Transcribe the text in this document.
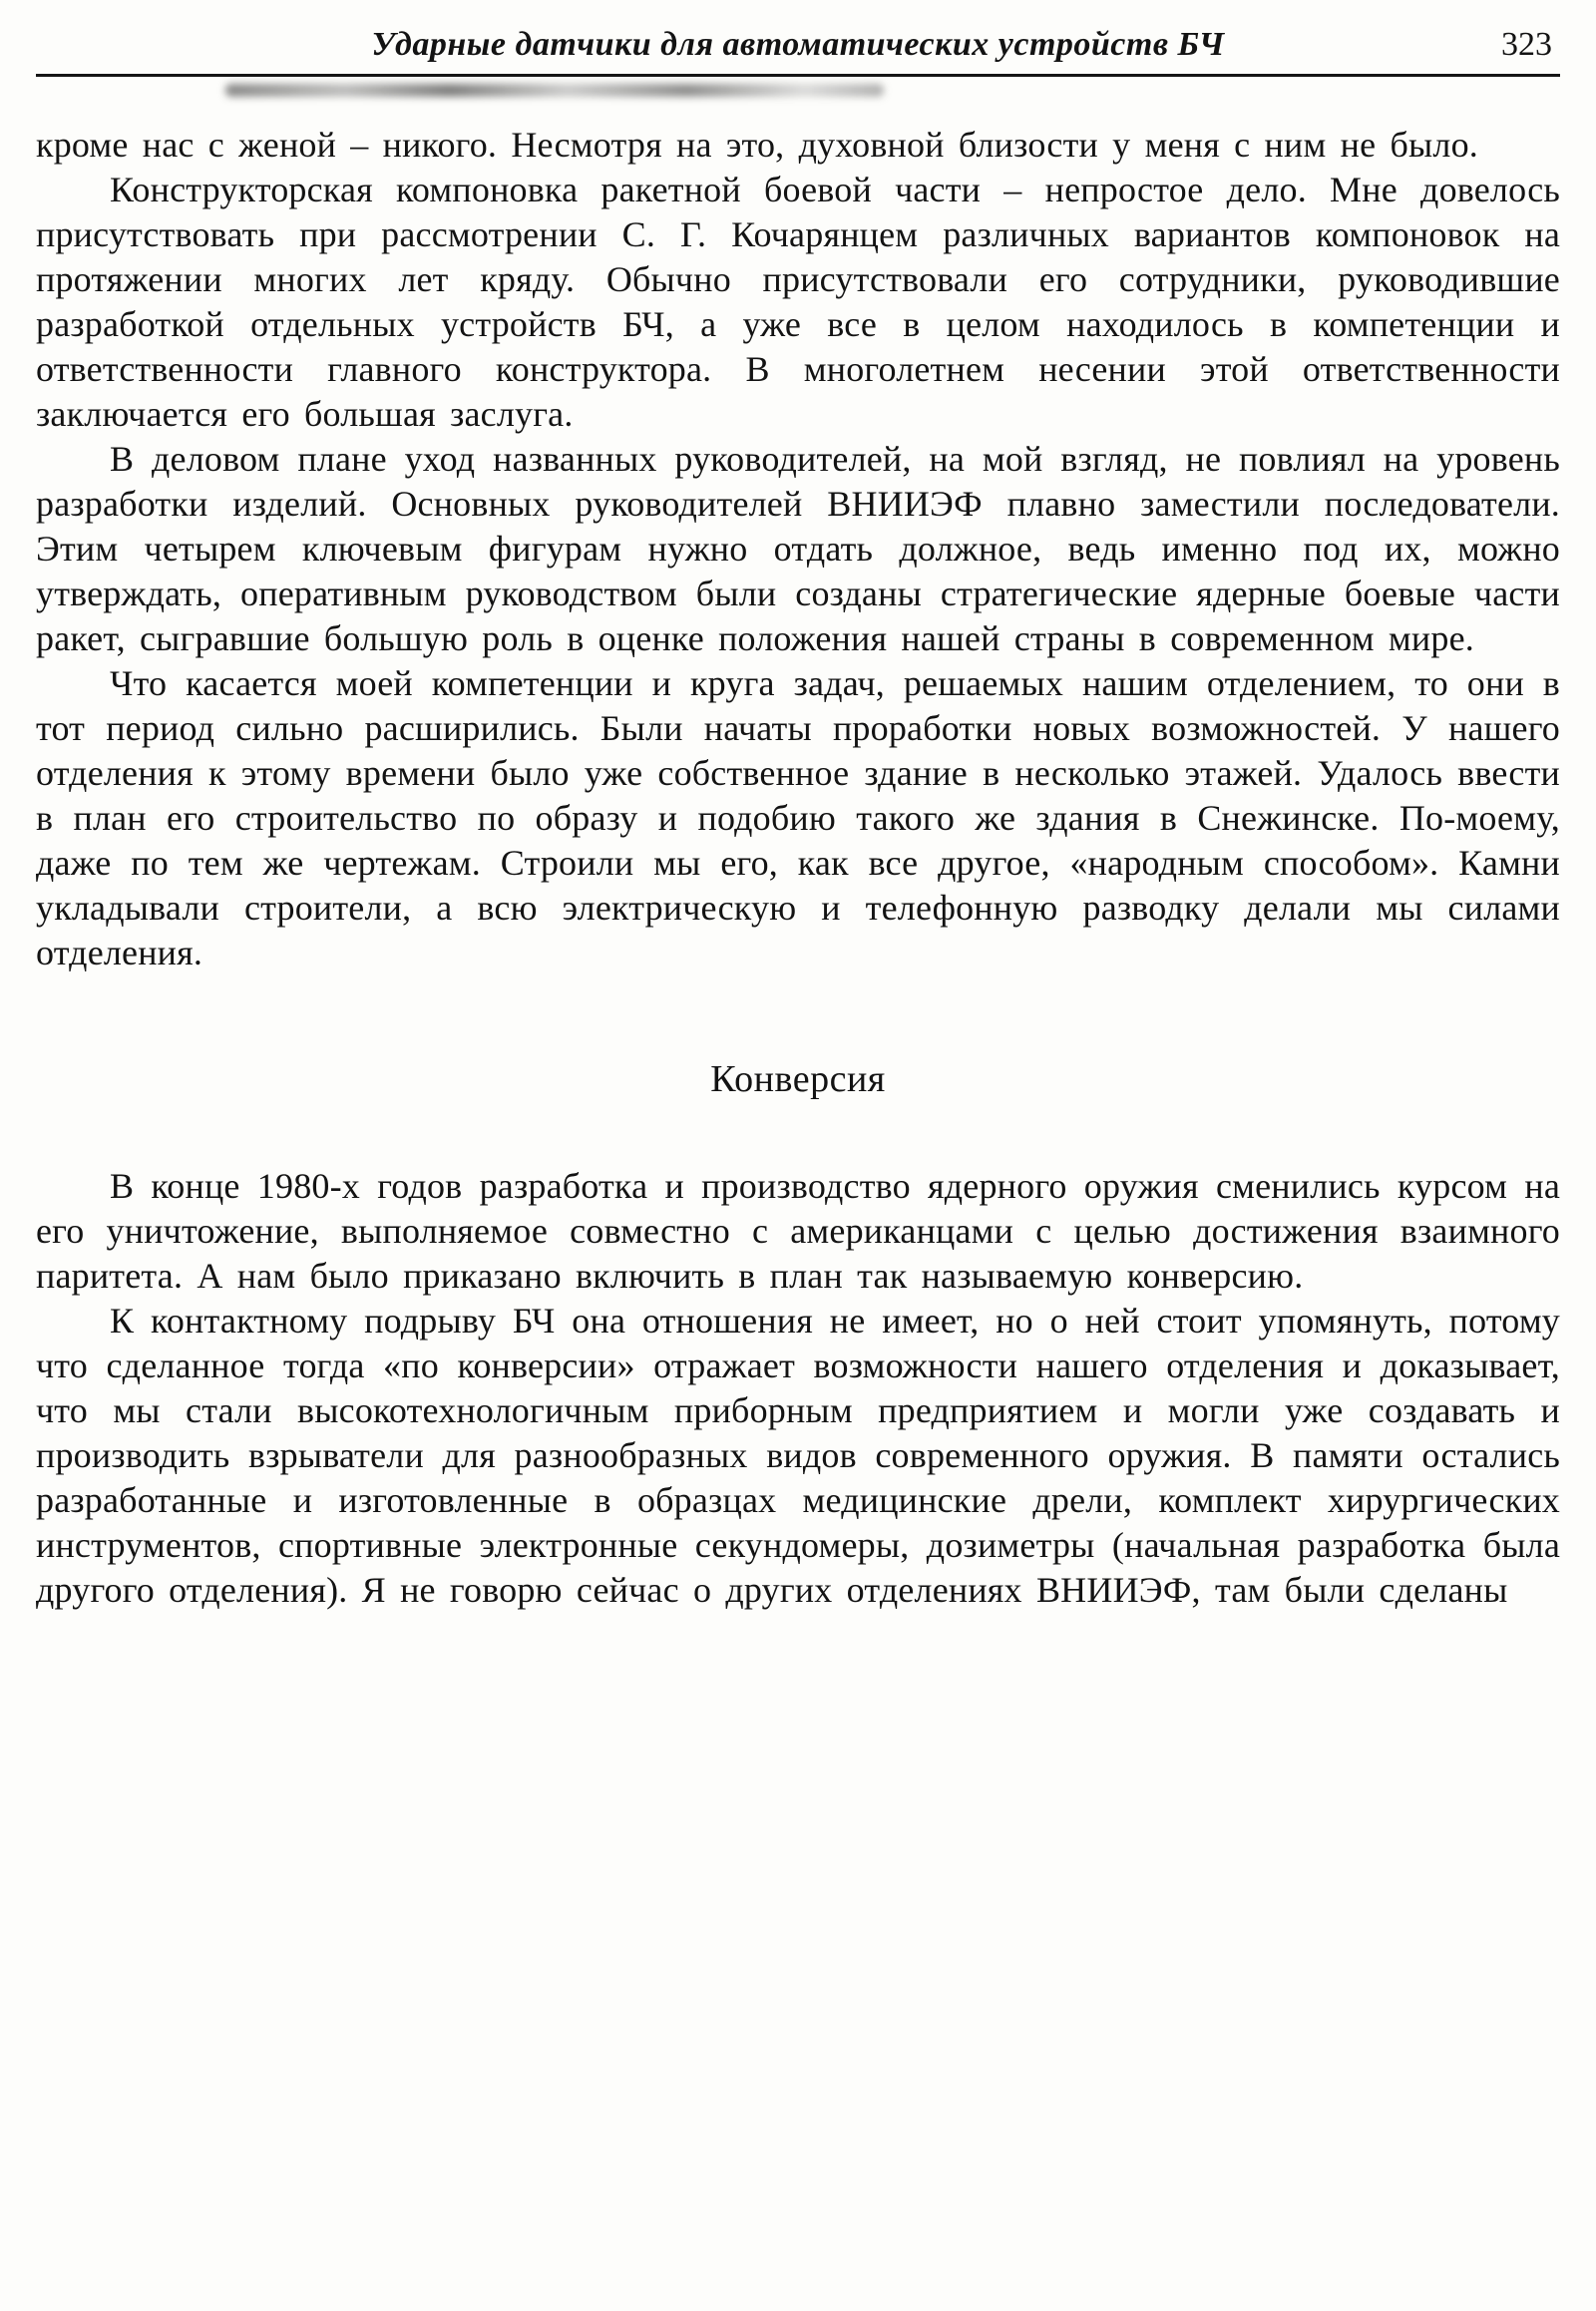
Ударные датчики для автоматических устройств БЧ	323

кроме нас с женой – никого. Несмотря на это, духовной близости у меня с ним не было.

Конструкторская компоновка ракетной боевой части – непростое дело. Мне довелось присутствовать при рассмотрении С. Г. Кочарянцем различных вариантов компоновок на протяжении многих лет кряду. Обычно присутствовали его сотрудники, руководившие разработкой отдельных устройств БЧ, а уже все в целом находилось в компетенции и ответственности главного конструктора. В многолетнем несении этой ответственности заключается его большая заслуга.

В деловом плане уход названных руководителей, на мой взгляд, не повлиял на уровень разработки изделий. Основных руководителей ВНИИЭФ плавно заместили последователи. Этим четырем ключевым фигурам нужно отдать должное, ведь именно под их, можно утверждать, оперативным руководством были созданы стратегические ядерные боевые части ракет, сыгравшие большую роль в оценке положения нашей страны в современном мире.

Что касается моей компетенции и круга задач, решаемых нашим отделением, то они в тот период сильно расширились. Были начаты проработки новых возможностей. У нашего отделения к этому времени было уже собственное здание в несколько этажей. Удалось ввести в план его строительство по образу и подобию такого же здания в Снежинске. По-моему, даже по тем же чертежам. Строили мы его, как все другое, «народным способом». Камни укладывали строители, а всю электрическую и телефонную разводку делали мы силами отделения.

Конверсия

В конце 1980-х годов разработка и производство ядерного оружия сменились курсом на его уничтожение, выполняемое совместно с американцами с целью достижения взаимного паритета. А нам было приказано включить в план так называемую конверсию.

К контактному подрыву БЧ она отношения не имеет, но о ней стоит упомянуть, потому что сделанное тогда «по конверсии» отражает возможности нашего отделения и доказывает, что мы стали высокотехнологичным приборным предприятием и могли уже создавать и производить взрыватели для разнообразных видов современного оружия. В памяти остались разработанные и изготовленные в образцах медицинские дрели, комплект хирургических инструментов, спортивные электронные секундомеры, дозиметры (начальная разработка была другого отделения). Я не говорю сейчас о других отделениях ВНИИЭФ, там были сделаны
